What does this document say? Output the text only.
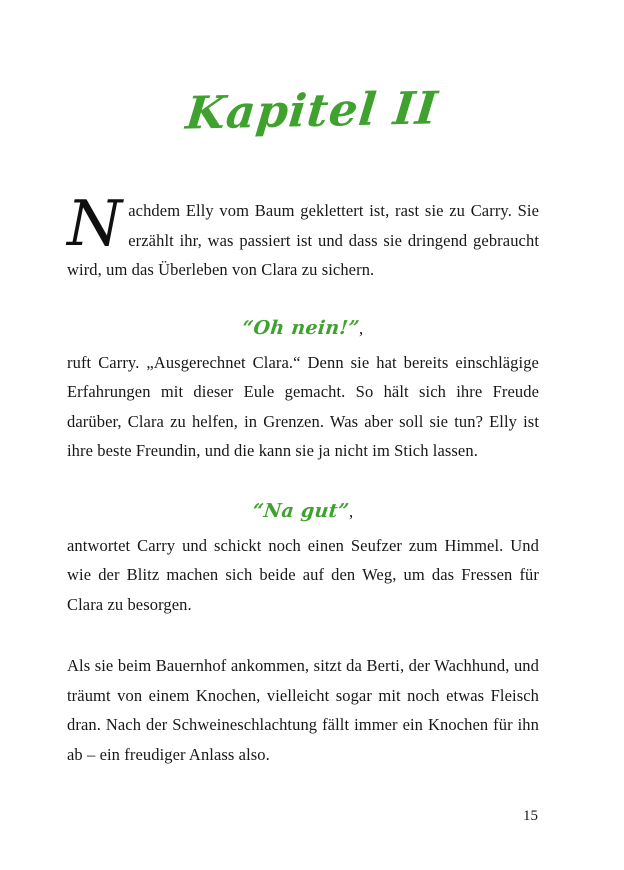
Kapitel II

Nachdem Elly vom Baum geklettert ist, rast sie zu Carry. Sie erzählt ihr, was passiert ist und dass sie dringend gebraucht wird, um das Überleben von Clara zu sichern.

“Oh nein!”,

ruft Carry. „Ausgerechnet Clara.“ Denn sie hat bereits einschlägige Erfahrungen mit dieser Eule gemacht. So hält sich ihre Freude darüber, Clara zu helfen, in Grenzen. Was aber soll sie tun? Elly ist ihre beste Freundin, und die kann sie ja nicht im Stich lassen.

“Na gut”,

antwortet Carry und schickt noch einen Seufzer zum Himmel. Und wie der Blitz machen sich beide auf den Weg, um das Fressen für Clara zu besorgen.

Als sie beim Bauernhof ankommen, sitzt da Berti, der Wachhund, und träumt von einem Knochen, vielleicht sogar mit noch etwas Fleisch dran. Nach der Schweineschlachtung fällt immer ein Knochen für ihn ab – ein freudiger Anlass also.

15
